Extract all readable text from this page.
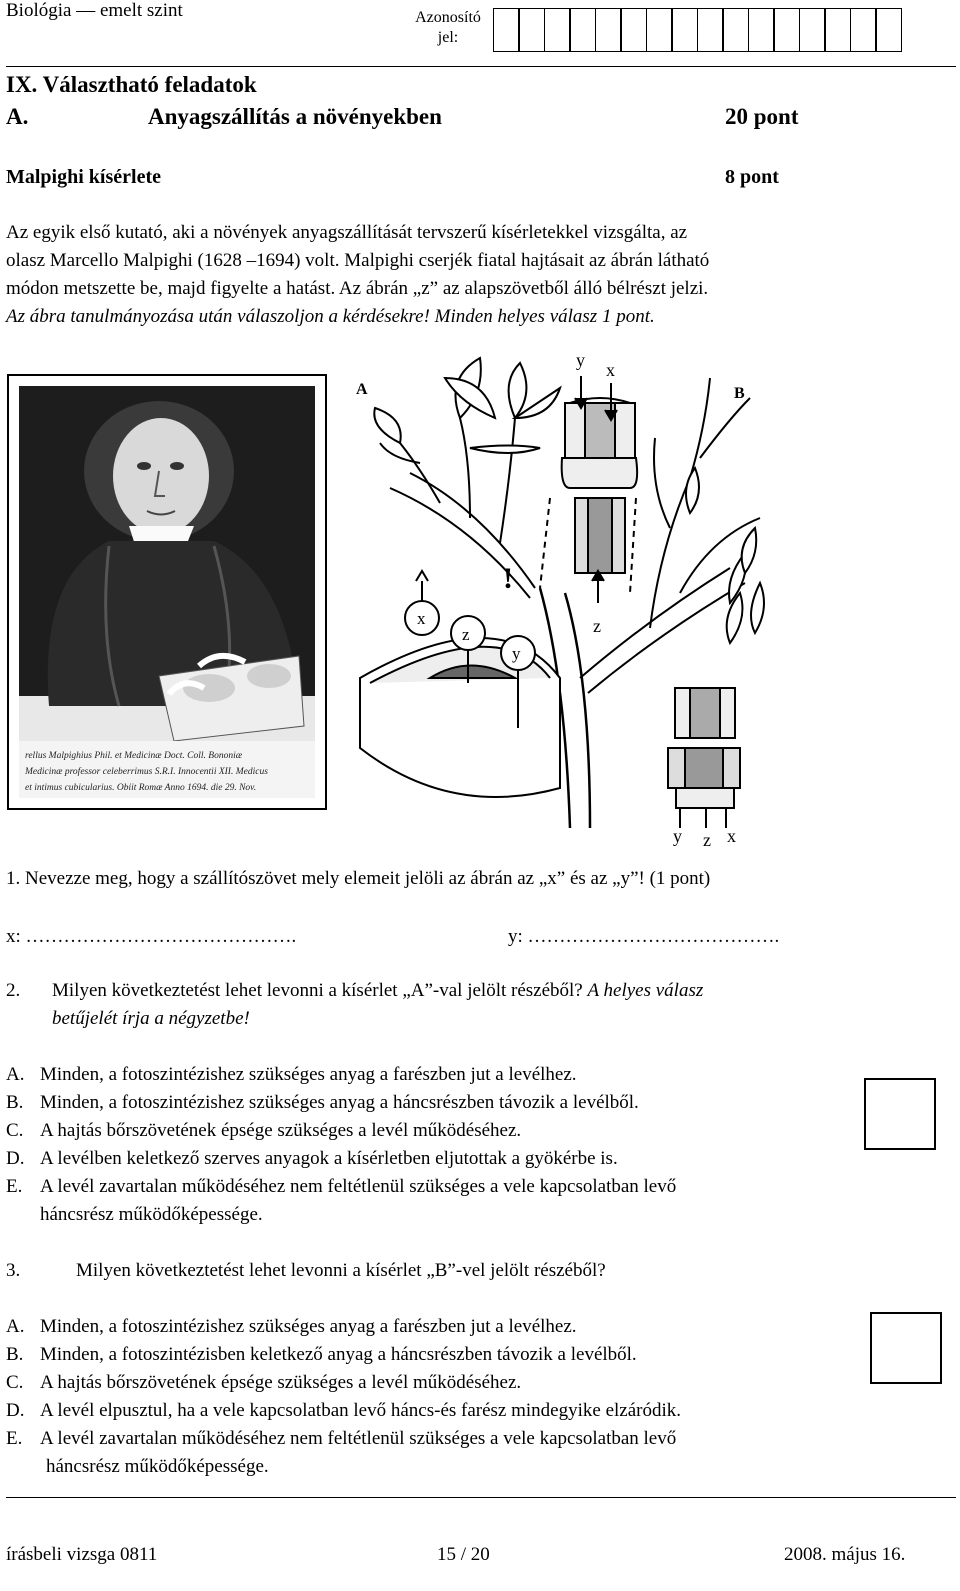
Biológia — emelt szint	Azonosító
jel:
IX. Választható feladatok
A.	Anyagszállítás a növényekben	20 pont
Malpighi kísérlete	8 pont
Az egyik első kutató, aki a növények anyagszállítását tervszerű kísérletekkel vizsgálta, az
olasz Marcello Malpighi (1628 –1694) volt. Malpighi cserjék fiatal hajtásait az ábrán látható
módon metszette be, majd figyelte a hatást. Az ábrán „z” az alapszövetből álló bélrészt jelzi.
Az ábra tanulmányozása után válaszoljon a kérdésekre! Minden helyes válasz 1 pont.
rellus Malpighius Phil. et Medicinæ Doct. Coll. Bononiæ
Medicinæ professor celeberrimus S.R.I. Innocentii XII. Medicus
et intimus cubicularius. Obiit Romæ Anno 1694. die 29. Nov.
A	B
!
y x
z
x
z
y
y z x
1. Nevezze meg, hogy a szállítószövet mely elemeit jelöli az ábrán az „x” és az „y”! (1 pont)
x: …………………………………….	y: ………………………………….
2. Milyen következtetést lehet levonni a kísérlet „A”-val jelölt részéből? A helyes válasz
betűjelét írja a négyzetbe!
A. Minden, a fotoszintézishez szükséges anyag a farészben jut a levélhez.
B. Minden, a fotoszintézishez szükséges anyag a háncsrészben távozik a levélből.
C. A hajtás bőrszövetének épsége szükséges a levél működéséhez.
D. A levélben keletkező szerves anyagok a kísérletben eljutottak a gyökérbe is.
E. A levél zavartalan működéséhez nem feltétlenül szükséges a vele kapcsolatban levő
háncsrész működőképessége.
3.	Milyen következtetést lehet levonni a kísérlet „B”-vel jelölt részéből?
A. Minden, a fotoszintézishez szükséges anyag a farészben jut a levélhez.
B. Minden, a fotoszintézisben keletkező anyag a háncsrészben távozik a levélből.
C. A hajtás bőrszövetének épsége szükséges a levél működéséhez.
D. A levél elpusztul, ha a vele kapcsolatban levő háncs-és farész mindegyike elzáródik.
E. A levél zavartalan működéséhez nem feltétlenül szükséges a vele kapcsolatban levő
háncsrész működőképessége.
írásbeli vizsga 0811	15 / 20	2008. május 16.
